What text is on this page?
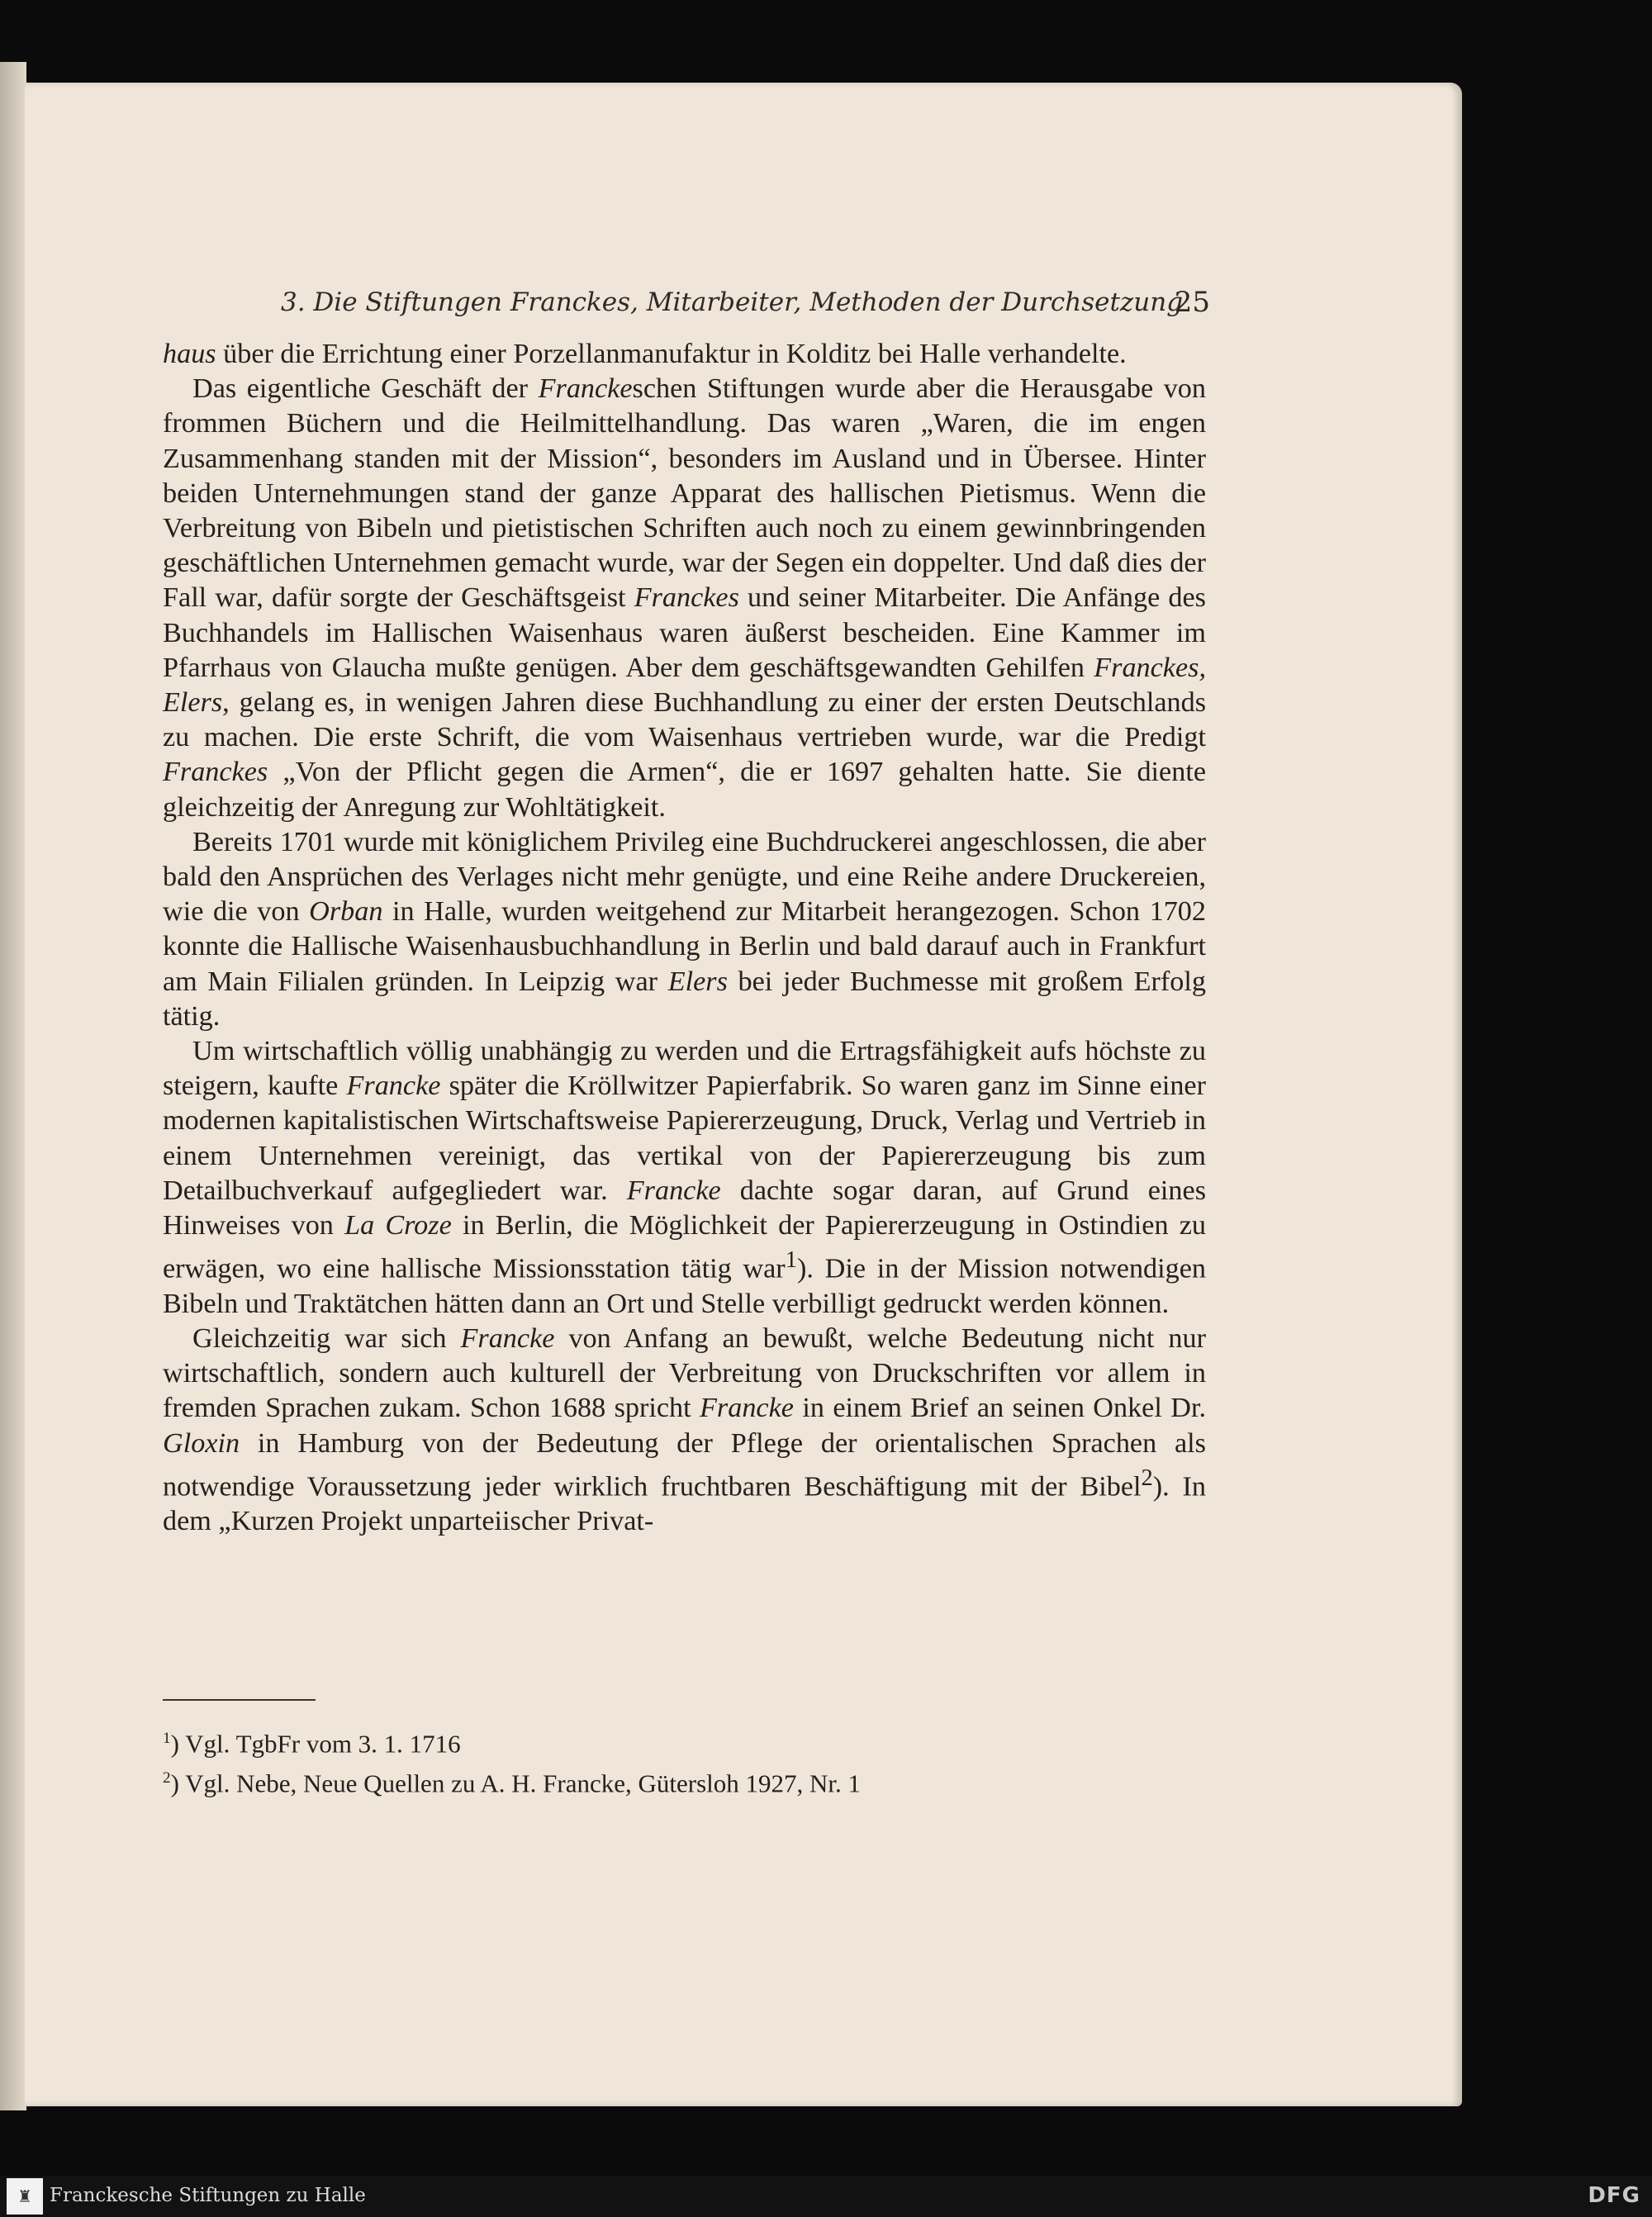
3. Die Stiftungen Franckes, Mitarbeiter, Methoden der Durchsetzung
25

haus über die Errichtung einer Porzellanmanufaktur in Kolditz bei Halle verhandelte.

Das eigentliche Geschäft der Franckeschen Stiftungen wurde aber die Herausgabe von frommen Büchern und die Heilmittelhandlung. Das waren „Waren, die im engen Zusammenhang standen mit der Mission“, besonders im Ausland und in Übersee. Hinter beiden Unternehmungen stand der ganze Apparat des hallischen Pietismus. Wenn die Verbreitung von Bibeln und pietistischen Schriften auch noch zu einem gewinnbringenden geschäftlichen Unternehmen gemacht wurde, war der Segen ein doppelter. Und daß dies der Fall war, dafür sorgte der Geschäftsgeist Franckes und seiner Mitarbeiter. Die Anfänge des Buchhandels im Hallischen Waisenhaus waren äußerst bescheiden. Eine Kammer im Pfarrhaus von Glaucha mußte genügen. Aber dem geschäftsgewandten Gehilfen Franckes, Elers, gelang es, in wenigen Jahren diese Buchhandlung zu einer der ersten Deutschlands zu machen. Die erste Schrift, die vom Waisenhaus vertrieben wurde, war die Predigt Franckes „Von der Pflicht gegen die Armen“, die er 1697 gehalten hatte. Sie diente gleichzeitig der Anregung zur Wohltätigkeit.

Bereits 1701 wurde mit königlichem Privileg eine Buchdruckerei angeschlossen, die aber bald den Ansprüchen des Verlages nicht mehr genügte, und eine Reihe andere Druckereien, wie die von Orban in Halle, wurden weitgehend zur Mitarbeit herangezogen. Schon 1702 konnte die Hallische Waisenhausbuchhandlung in Berlin und bald darauf auch in Frankfurt am Main Filialen gründen. In Leipzig war Elers bei jeder Buchmesse mit großem Erfolg tätig.

Um wirtschaftlich völlig unabhängig zu werden und die Ertragsfähigkeit aufs höchste zu steigern, kaufte Francke später die Kröllwitzer Papierfabrik. So waren ganz im Sinne einer modernen kapitalistischen Wirtschaftsweise Papiererzeugung, Druck, Verlag und Vertrieb in einem Unternehmen vereinigt, das vertikal von der Papiererzeugung bis zum Detailbuchverkauf aufgegliedert war. Francke dachte sogar daran, auf Grund eines Hinweises von La Croze in Berlin, die Möglichkeit der Papiererzeugung in Ostindien zu erwägen, wo eine hallische Missionsstation tätig war$^1$). Die in der Mission notwendigen Bibeln und Traktätchen hätten dann an Ort und Stelle verbilligt gedruckt werden können.

Gleichzeitig war sich Francke von Anfang an bewußt, welche Bedeutung nicht nur wirtschaftlich, sondern auch kulturell der Verbreitung von Druckschriften vor allem in fremden Sprachen zukam. Schon 1688 spricht Francke in einem Brief an seinen Onkel Dr. Gloxin in Hamburg von der Bedeutung der Pflege der orientalischen Sprachen als notwendige Voraussetzung jeder wirklich fruchtbaren Beschäftigung mit der Bibel$^2$). In dem „Kurzen Projekt unparteiischer Privat-

$^1$) Vgl. TgbFr vom 3. 1. 1716
$^2$) Vgl. Nebe, Neue Quellen zu A. H. Francke, Gütersloh 1927, Nr. 1
♜ Franckesche Stiftungen zu Halle	DFG
